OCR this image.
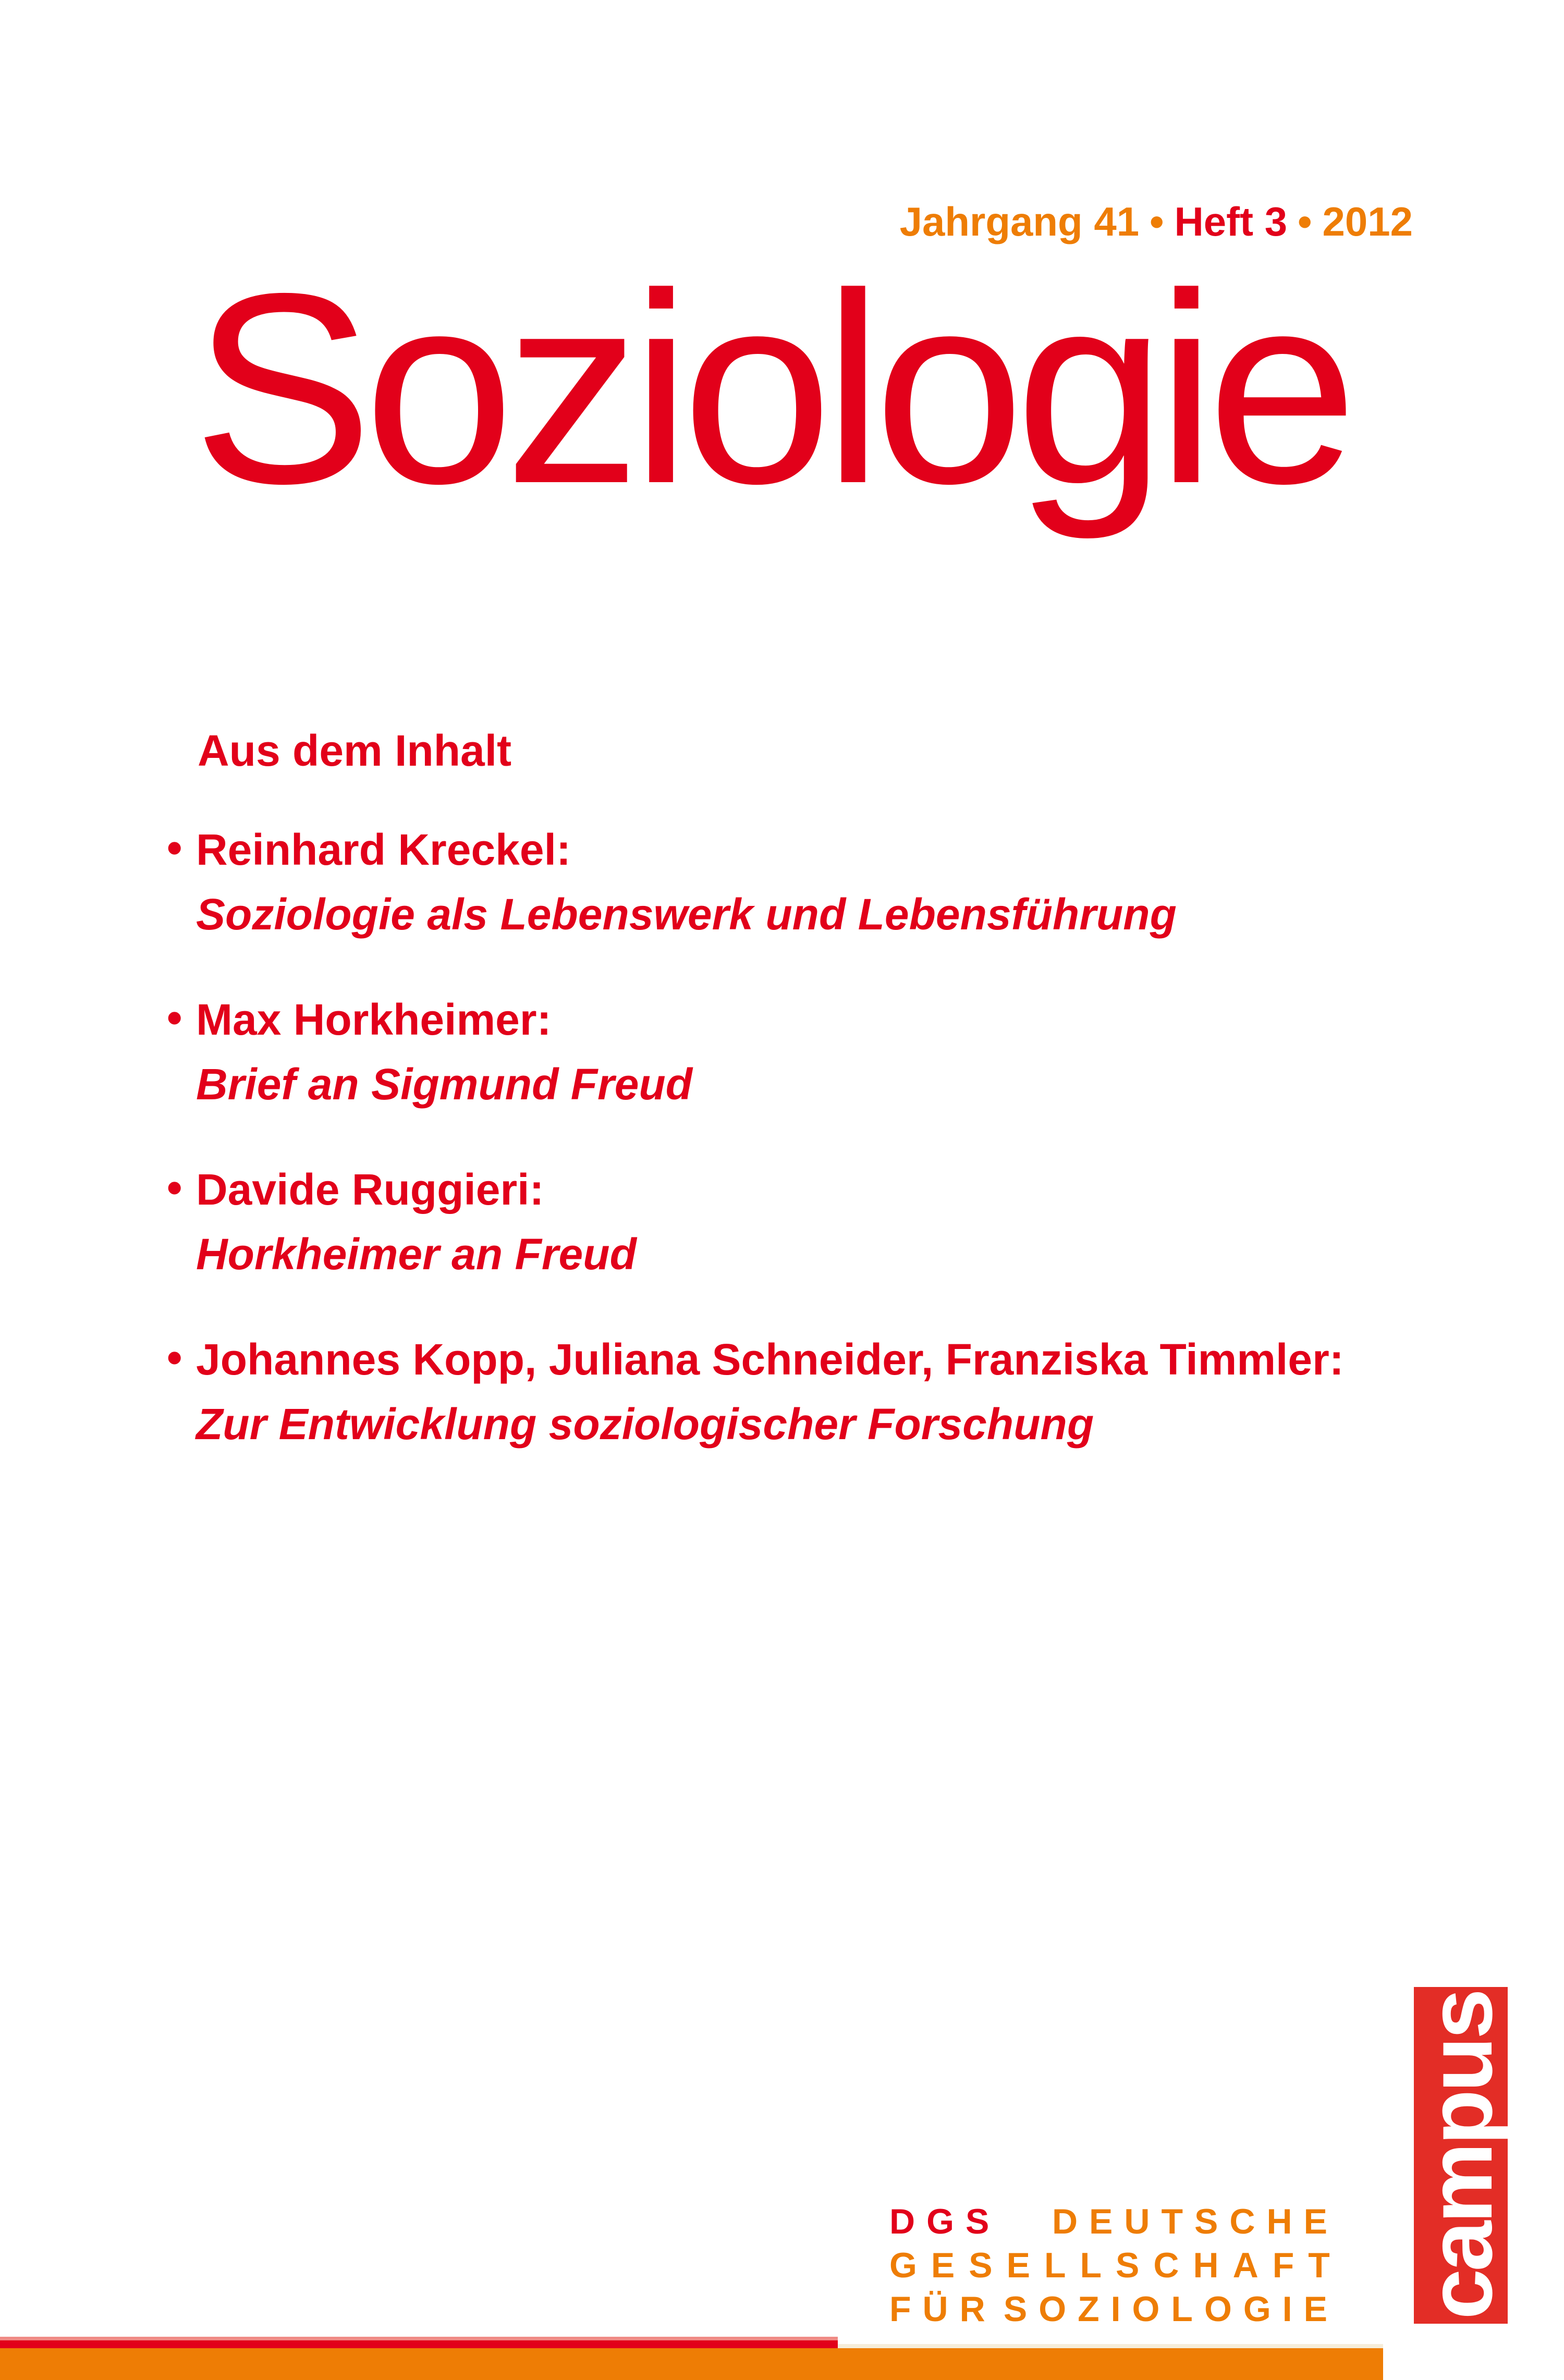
Jahrgang 41 • Heft 3 • 2012
Soziologie
Aus dem Inhalt
• Reinhard Kreckel:
Soziologie als Lebenswerk und Lebensführung
• Max Horkheimer:
Brief an Sigmund Freud
• Davide Ruggieri:
Horkheimer an Freud
• Johannes Kopp, Juliana Schneider, Franziska Timmler:
Zur Entwicklung soziologischer Forschung
campus
DGS DEUTSCHE
GESELLSCHAFT
FÜR SOZIOLOGIE
